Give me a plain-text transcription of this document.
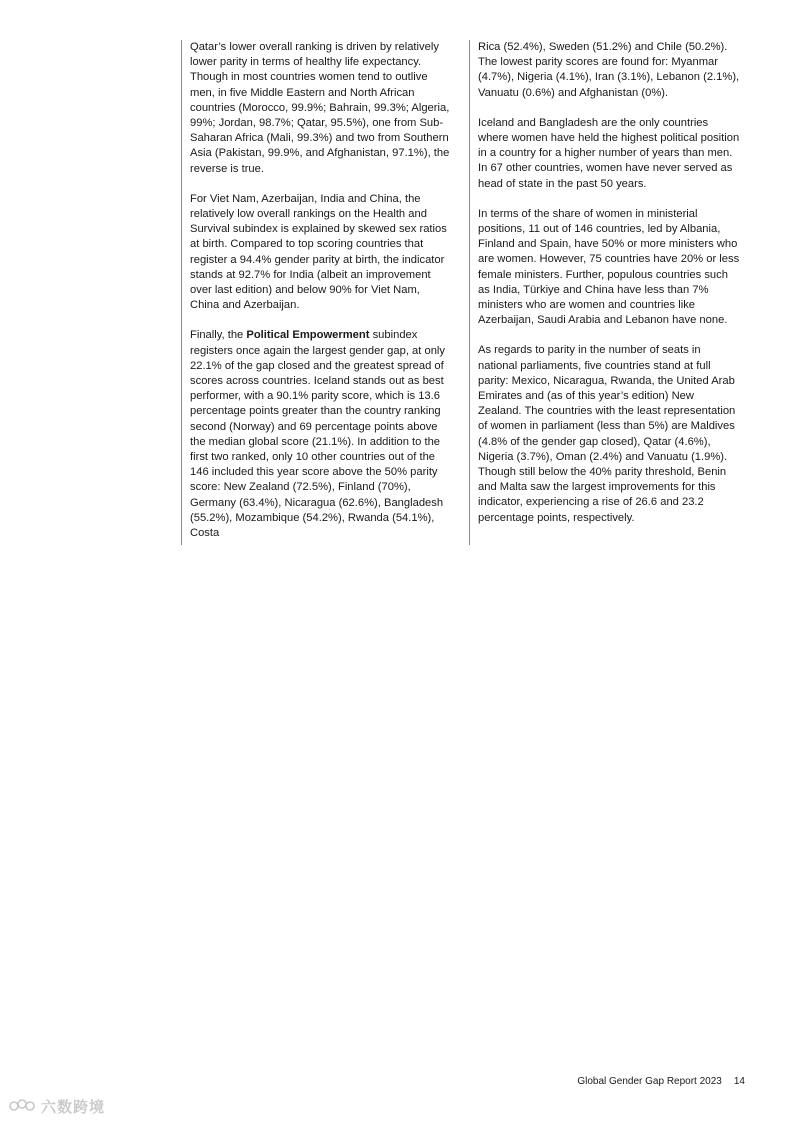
Qatar’s lower overall ranking is driven by relatively lower parity in terms of healthy life expectancy. Though in most countries women tend to outlive men, in five Middle Eastern and North African countries (Morocco, 99.9%; Bahrain, 99.3%; Algeria, 99%; Jordan, 98.7%; Qatar, 95.5%), one from Sub-Saharan Africa (Mali, 99.3%) and two from Southern Asia (Pakistan, 99.9%, and Afghanistan, 97.1%), the reverse is true.

For Viet Nam, Azerbaijan, India and China, the relatively low overall rankings on the Health and Survival subindex is explained by skewed sex ratios at birth. Compared to top scoring countries that register a 94.4% gender parity at birth, the indicator stands at 92.7% for India (albeit an improvement over last edition) and below 90% for Viet Nam, China and Azerbaijan.

Finally, the Political Empowerment subindex registers once again the largest gender gap, at only 22.1% of the gap closed and the greatest spread of scores across countries. Iceland stands out as best performer, with a 90.1% parity score, which is 13.6 percentage points greater than the country ranking second (Norway) and 69 percentage points above the median global score (21.1%). In addition to the first two ranked, only 10 other countries out of the 146 included this year score above the 50% parity score: New Zealand (72.5%), Finland (70%), Germany (63.4%), Nicaragua (62.6%), Bangladesh (55.2%), Mozambique (54.2%), Rwanda (54.1%), Costa

Rica (52.4%), Sweden (51.2%) and Chile (50.2%). The lowest parity scores are found for: Myanmar (4.7%), Nigeria (4.1%), Iran (3.1%), Lebanon (2.1%), Vanuatu (0.6%) and Afghanistan (0%).

Iceland and Bangladesh are the only countries where women have held the highest political position in a country for a higher number of years than men. In 67 other countries, women have never served as head of state in the past 50 years.

In terms of the share of women in ministerial positions, 11 out of 146 countries, led by Albania, Finland and Spain, have 50% or more ministers who are women. However, 75 countries have 20% or less female ministers. Further, populous countries such as India, Türkiye and China have less than 7% ministers who are women and countries like Azerbaijan, Saudi Arabia and Lebanon have none.

As regards to parity in the number of seats in national parliaments, five countries stand at full parity: Mexico, Nicaragua, Rwanda, the United Arab Emirates and (as of this year’s edition) New Zealand. The countries with the least representation of women in parliament (less than 5%) are Maldives (4.8% of the gender gap closed), Qatar (4.6%), Nigeria (3.7%), Oman (2.4%) and Vanuatu (1.9%). Though still below the 40% parity threshold, Benin and Malta saw the largest improvements for this indicator, experiencing a rise of 26.6 and 23.2 percentage points, respectively.

Global Gender Gap Report 2023 14
六数跨境
